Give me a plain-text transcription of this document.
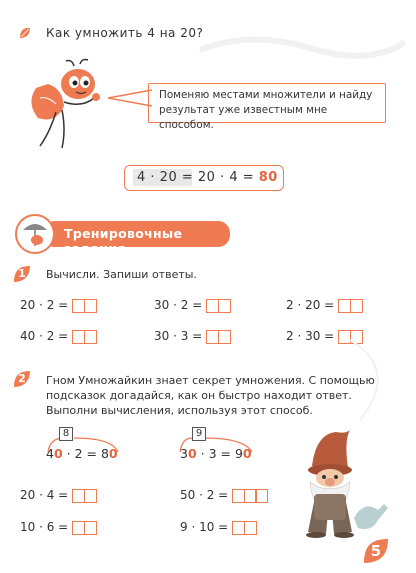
Как умножить 4 на 20?
Поменяю местами множители и найду результат уже известным мне способом.
4 · 20 = 20 · 4 = 80
Тренировочные задания
1	Вычисли. Запиши ответы.
20 · 2 =	30 · 2 =	2 · 20 =
40 · 2 =	30 · 3 =	2 · 30 =
2	Гном Умножайкин знает секрет умножения. С помощью подсказок догадайся, как он быстро находит ответ. Выполни вычисления, используя этот способ.
8
40 · 2 = 80
9
30 · 3 = 90
20 · 4 =	50 · 2 =
10 · 6 =	9 · 10 =
5
